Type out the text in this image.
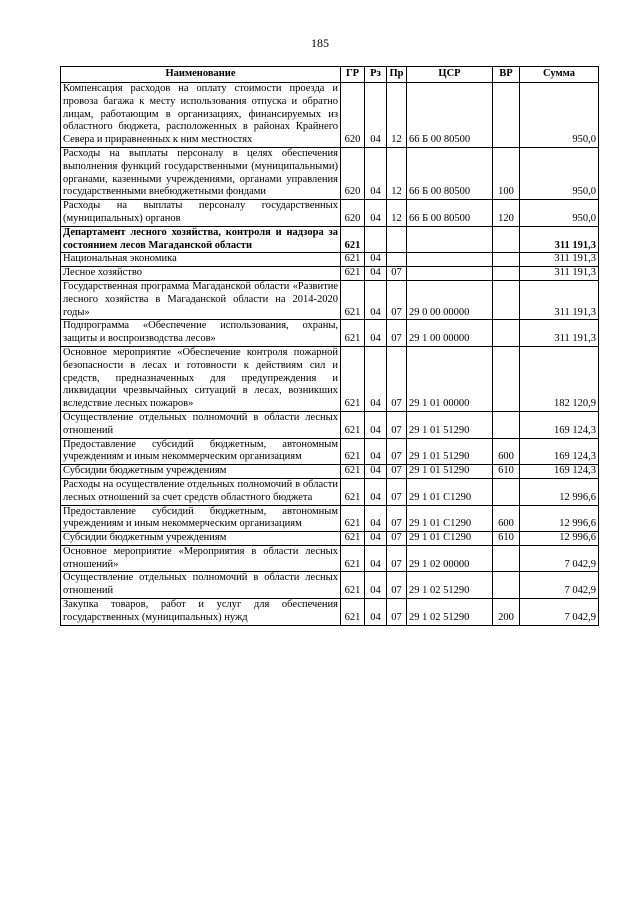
185
Наименование	ГР	Рз	Пр	ЦСР	ВР	Сумма
Компенсация расходов на оплату стоимости проезда и провоза багажа к месту использования отпуска и обратно лицам, работающим в организациях, финансируемых из областного бюджета, расположенных в районах Крайнего Севера и приравненных к ним местностях	620	04	12	66 Б 00 80500		950,0
Расходы на выплаты персоналу в целях обеспечения выполнения функций государственными (муниципальными) органами, казенными учреждениями, органами управления государственными внебюджетными фондами	620	04	12	66 Б 00 80500	100	950,0
Расходы на выплаты персоналу государственных (муниципальных) органов	620	04	12	66 Б 00 80500	120	950,0
Департамент лесного хозяйства, контроля и надзора за состоянием лесов Магаданской области	621					311 191,3
Национальная экономика	621	04				311 191,3
Лесное хозяйство	621	04	07			311 191,3
Государственная программа Магаданской области «Развитие лесного хозяйства в Магаданской области на 2014-2020 годы»	621	04	07	29 0 00 00000		311 191,3
Подпрограмма «Обеспечение использования, охраны, защиты и воспроизводства лесов»	621	04	07	29 1 00 00000		311 191,3
Основное мероприятие «Обеспечение контроля пожарной безопасности в лесах и готовности к действиям сил и средств, предназначенных для предупреждения и ликвидации чрезвычайных ситуаций в лесах, возникших вследствие лесных пожаров»	621	04	07	29 1 01 00000		182 120,9
Осуществление отдельных полномочий в области лесных отношений	621	04	07	29 1 01 51290		169 124,3
Предоставление субсидий бюджетным, автономным учреждениям и иным некоммерческим организациям	621	04	07	29 1 01 51290	600	169 124,3
Субсидии бюджетным учреждениям	621	04	07	29 1 01 51290	610	169 124,3
Расходы на осуществление отдельных полномочий в области лесных отношений за счет средств областного бюджета	621	04	07	29 1 01 С1290		12 996,6
Предоставление субсидий бюджетным, автономным учреждениям и иным некоммерческим организациям	621	04	07	29 1 01 С1290	600	12 996,6
Субсидии бюджетным учреждениям	621	04	07	29 1 01 С1290	610	12 996,6
Основное мероприятие «Мероприятия в области лесных отношений»	621	04	07	29 1 02 00000		7 042,9
Осуществление отдельных полномочий в области лесных отношений	621	04	07	29 1 02 51290		7 042,9
Закупка товаров, работ и услуг для обеспечения государственных (муниципальных) нужд	621	04	07	29 1 02 51290	200	7 042,9
